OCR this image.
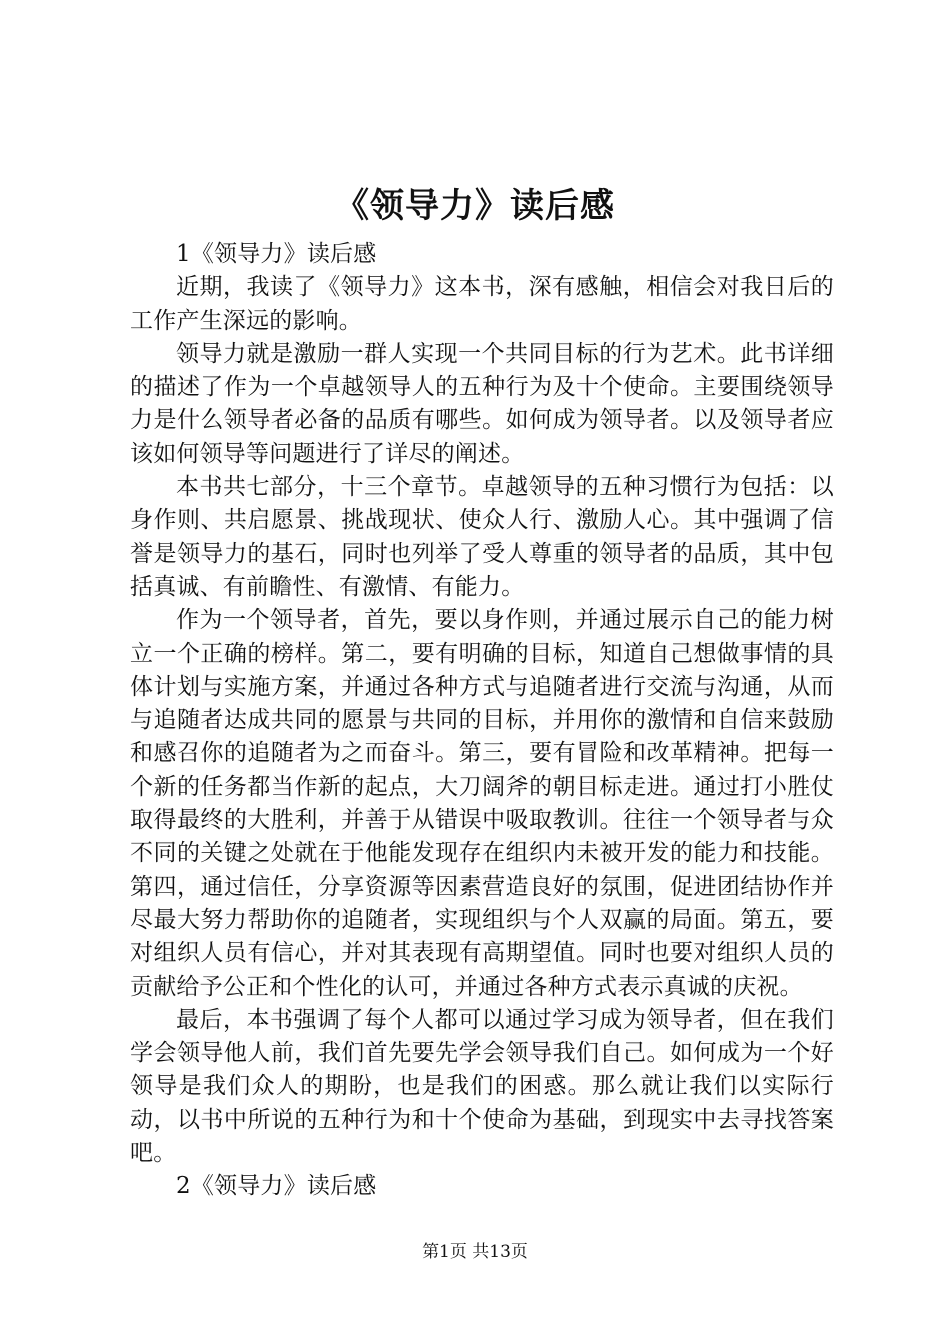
《领导力》读后感

1《领导力》读后感

近期，我读了《领导力》这本书，深有感触，相信会对我日后的工作产生深远的影响。

领导力就是激励一群人实现一个共同目标的行为艺术。此书详细的描述了作为一个卓越领导人的五种行为及十个使命。主要围绕领导力是什么领导者必备的品质有哪些。如何成为领导者。以及领导者应该如何领导等问题进行了详尽的阐述。

本书共七部分，十三个章节。卓越领导的五种习惯行为包括：以身作则、共启愿景、挑战现状、使众人行、激励人心。其中强调了信誉是领导力的基石，同时也列举了受人尊重的领导者的品质，其中包括真诚、有前瞻性、有激情、有能力。

作为一个领导者，首先，要以身作则，并通过展示自己的能力树立一个正确的榜样。第二，要有明确的目标，知道自己想做事情的具体计划与实施方案，并通过各种方式与追随者进行交流与沟通，从而与追随者达成共同的愿景与共同的目标，并用你的激情和自信来鼓励和感召你的追随者为之而奋斗。第三，要有冒险和改革精神。把每一个新的任务都当作新的起点，大刀阔斧的朝目标走进。通过打小胜仗取得最终的大胜利，并善于从错误中吸取教训。往往一个领导者与众不同的关键之处就在于他能发现存在组织内未被开发的能力和技能。第四，通过信任，分享资源等因素营造良好的氛围，促进团结协作并尽最大努力帮助你的追随者，实现组织与个人双赢的局面。第五，要对组织人员有信心，并对其表现有高期望值。同时也要对组织人员的贡献给予公正和个性化的认可，并通过各种方式表示真诚的庆祝。

最后，本书强调了每个人都可以通过学习成为领导者，但在我们学会领导他人前，我们首先要先学会领导我们自己。如何成为一个好领导是我们众人的期盼，也是我们的困惑。那么就让我们以实际行动，以书中所说的五种行为和十个使命为基础，到现实中去寻找答案吧。

2《领导力》读后感

第1页 共13页
